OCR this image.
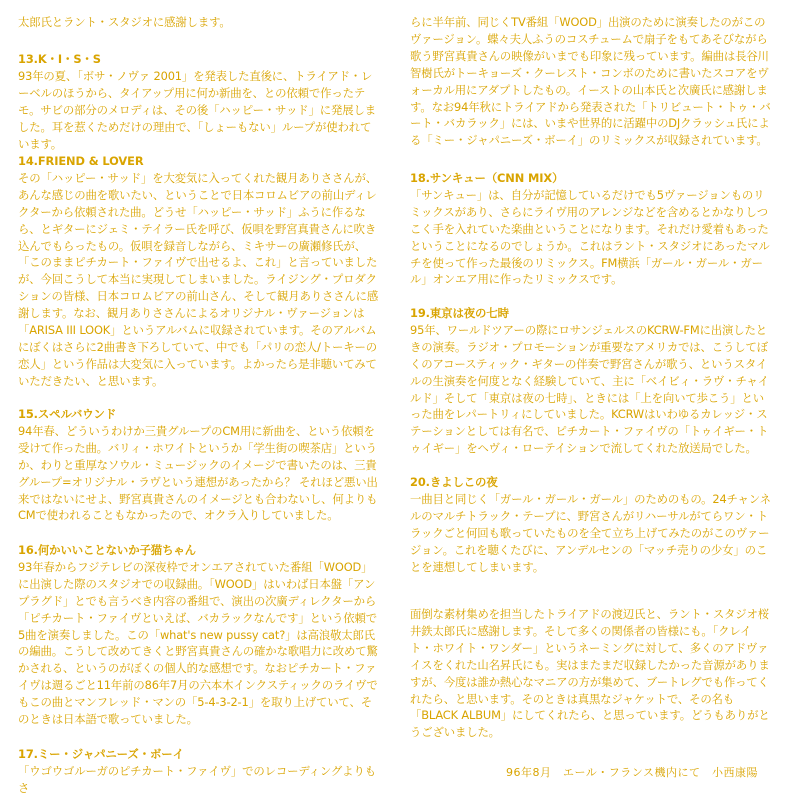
太郎氏とラント・スタジオに感謝します。

13.K・I・S・S

93年の夏、「ボサ・ノヴァ 2001」を発表した直後に、トライアド・レーベルのほうから、タイアップ用に何か新曲を、との依頼で作ったテモ。サビの部分のメロディは、その後「ハッピー・サッド」に発展しました。耳を惹くためだけの理由で、「しょーもない」ループが使われています。

14.FRIEND & LOVER

その「ハッピー・サッド」を大変気に入ってくれた観月ありささんが、あんな感じの曲を歌いたい、ということで日本コロムビアの前山ディレクターから依頼された曲。どうせ「ハッピー・サッド」ふうに作るなら、とギターにジェミ・テイラー氏を呼び、仮唄を野宮真貴さんに吹き込んでもらったもの。仮唄を録音しながら、ミキサーの廣瀬修氏が、「このままピチカート・ファイヴで出せるよ、これ」と言っていましたが、今回こうして本当に実現してしまいました。ライジング・プロダクションの皆様、日本コロムビアの前山さん、そして観月ありささんに感謝します。なお、観月ありささんによるオリジナル・ヴァージョンは「ARISA III LOOK」というアルバムに収録されています。そのアルバムにぼくはさらに2曲書き下ろしていて、中でも「パリの恋人/トーキーの恋人」という作品は大変気に入っています。よかったら是非聴いてみていただきたい、と思います。

15.スペルバウンド

94年春、どういうわけか三貴グループのCM用に新曲を、という依頼を受けて作った曲。バリィ・ホワイトというか「学生街の喫茶店」というか、わりと重厚なソウル・ミュージックのイメージで書いたのは、三貴グループ=オリジナル・ラヴという連想があったから？ それほど悪い出来ではないにせよ、野宮真貴さんのイメージとも合わないし、何よりもCMで使われることもなかったので、オクラ入りしていました。

16.何かいいことないか子猫ちゃん

93年春からフジテレビの深夜枠でオンエアされていた番組「WOOD」に出演した際のスタジオでの収録曲。「WOOD」はいわば日本盤「アンプラグド」とでも言うべき内容の番組で、演出の次廣ディレクターから「ピチカート・ファイヴといえば、バカラックなんです」という依頼で5曲を演奏しました。この「what's new pussy cat?」は高浪敬太郎氏の編曲。こうして改めてきくと野宮真貴さんの確かな歌唱力に改めて驚かされる、というのがぼくの個人的な感想です。なおピチカート・ファイヴは週るごと11年前の86年7月の六本木インクスティックのライヴでもこの曲とマンフレッド・マンの「5-4-3-2-1」を取り上げていて、そのときは日本語で歌っていました。

17.ミー・ジャパニーズ・ボーイ

「ウゴウゴルーガのピチカート・ファイヴ」でのレコーディングよりもさ

らに半年前、同じくTV番組「WOOD」出演のために演奏したのがこのヴァージョン。蝶々夫人ふうのコスチュームで扇子をもてあそびながら歌う野宮真貴さんの映像がいまでも印象に残っています。編曲は長谷川智樹氏がトーキョーズ・クーレスト・コンボのために書いたスコアをヴォーカル用にアダプトしたもの。イーストの山本氏と次廣氏に感謝します。なお94年秋にトライアドから発表された「トリビュート・トゥ・バート・バカラック」には、いまや世界的に活躍中のDJクラッシュ氏による「ミー・ジャパニーズ・ボーイ」のリミックスが収録されています。

18.サンキュー（CNN MIX）

「サンキュー」は、自分が記憶しているだけでも5ヴァージョンものリミックスがあり、さらにライヴ用のアレンジなどを含めるとかなりしつこく手を入れていた楽曲ということになります。それだけ愛着もあったということになるのでしょうか。これはラント・スタジオにあったマルチを使って作った最後のリミックス。FM横浜「ガール・ガール・ガール」オンエア用に作ったリミックスです。

19.東京は夜の七時

95年、ワールドツアーの際にロサンジェルスのKCRW-FMに出演したときの演奏。ラジオ・プロモーションが重要なアメリカでは、こうしてぼくのアコースティック・ギターの伴奏で野宮さんが歌う、というスタイルの生演奏を何度となく経験していて、主に「ベイビィ・ラヴ・チャイルド」そして「東京は夜の七時」、ときには「上を向いて歩こう」といった曲をレパートリィにしていました。KCRWはいわゆるカレッジ・ステーションとしては有名で、ピチカート・ファイヴの「トゥイギー・トゥイギー」をヘヴィ・ローテイションで流してくれた放送局でした。

20.きよしこの夜

一曲目と同じく「ガール・ガール・ガール」のためのもの。24チャンネルのマルチトラック・テープに、野宮さんがリハーサルがてらワン・トラックごと何回も歌っていたものを全て立ち上げてみたのがこのヴァージョン。これを聴くたびに、アンデルセンの「マッチ売りの少女」のことを連想してしまいます。

面倒な素材集めを担当したトライアドの渡辺氏と、ラント・スタジオ桜井鉄太郎氏に感謝します。そして多くの関係者の皆様にも。「クレイト・ホワイト・ワンダー」というネーミングに対して、多くのアドヴァイスをくれた山名昇氏にも。実はまたまだ収録したかった音源がありますが、今度は誰か熱心なマニアの方が集めて、ブートレグでも作ってくれたら、と思います。そのときは真黒なジャケットで、その名も「BLACK ALBUM」にしてくれたら、と思っています。どうもありがとうございました。

96年8月　エール・フランス機内にて　小西康陽
